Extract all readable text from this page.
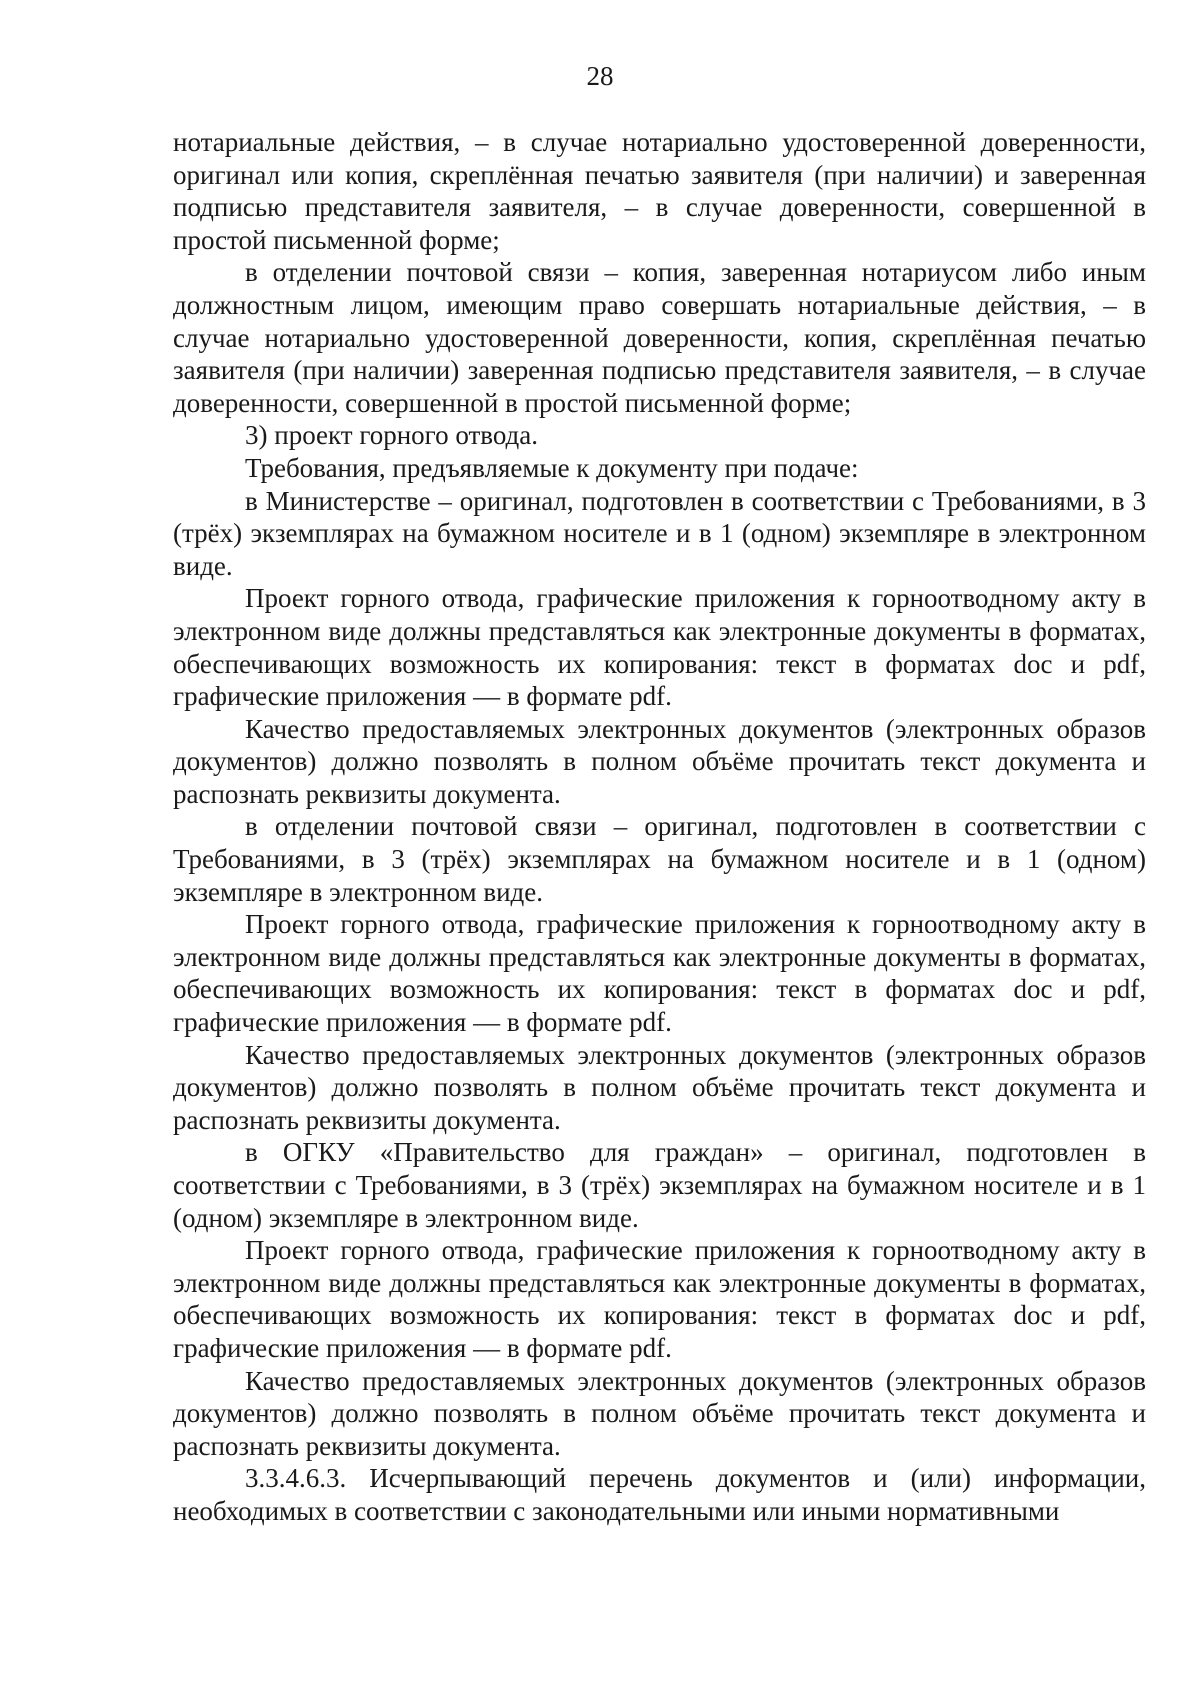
28

нотариальные действия, – в случае нотариально удостоверенной доверенности, оригинал или копия, скреплённая печатью заявителя (при наличии) и заверенная подписью представителя заявителя, – в случае доверенности, совершенной в простой письменной форме;

в отделении почтовой связи – копия, заверенная нотариусом либо иным должностным лицом, имеющим право совершать нотариальные действия, – в случае нотариально удостоверенной доверенности, копия, скреплённая печатью заявителя (при наличии) заверенная подписью представителя заявителя, – в случае доверенности, совершенной в простой письменной форме;

3) проект горного отвода.

Требования, предъявляемые к документу при подаче:

в Министерстве – оригинал, подготовлен в соответствии с Требованиями, в 3 (трёх) экземплярах на бумажном носителе и в 1 (одном) экземпляре в электронном виде.

Проект горного отвода, графические приложения к горноотводному акту в электронном виде должны представляться как электронные документы в форматах, обеспечивающих возможность их копирования: текст в форматах doc и pdf, графические приложения — в формате pdf.

Качество предоставляемых электронных документов (электронных образов документов) должно позволять в полном объёме прочитать текст документа и распознать реквизиты документа.

в отделении почтовой связи – оригинал, подготовлен в соответствии с Требованиями, в 3 (трёх) экземплярах на бумажном носителе и в 1 (одном) экземпляре в электронном виде.

Проект горного отвода, графические приложения к горноотводному акту в электронном виде должны представляться как электронные документы в форматах, обеспечивающих возможность их копирования: текст в форматах doc и pdf, графические приложения — в формате pdf.

Качество предоставляемых электронных документов (электронных образов документов) должно позволять в полном объёме прочитать текст документа и распознать реквизиты документа.

в ОГКУ «Правительство для граждан» – оригинал, подготовлен в соответствии с Требованиями, в 3 (трёх) экземплярах на бумажном носителе и в 1 (одном) экземпляре в электронном виде.

Проект горного отвода, графические приложения к горноотводному акту в электронном виде должны представляться как электронные документы в форматах, обеспечивающих возможность их копирования: текст в форматах doc и pdf, графические приложения — в формате pdf.

Качество предоставляемых электронных документов (электронных образов документов) должно позволять в полном объёме прочитать текст документа и распознать реквизиты документа.

3.3.4.6.3. Исчерпывающий перечень документов и (или) информации, необходимых в соответствии с законодательными или иными нормативными
